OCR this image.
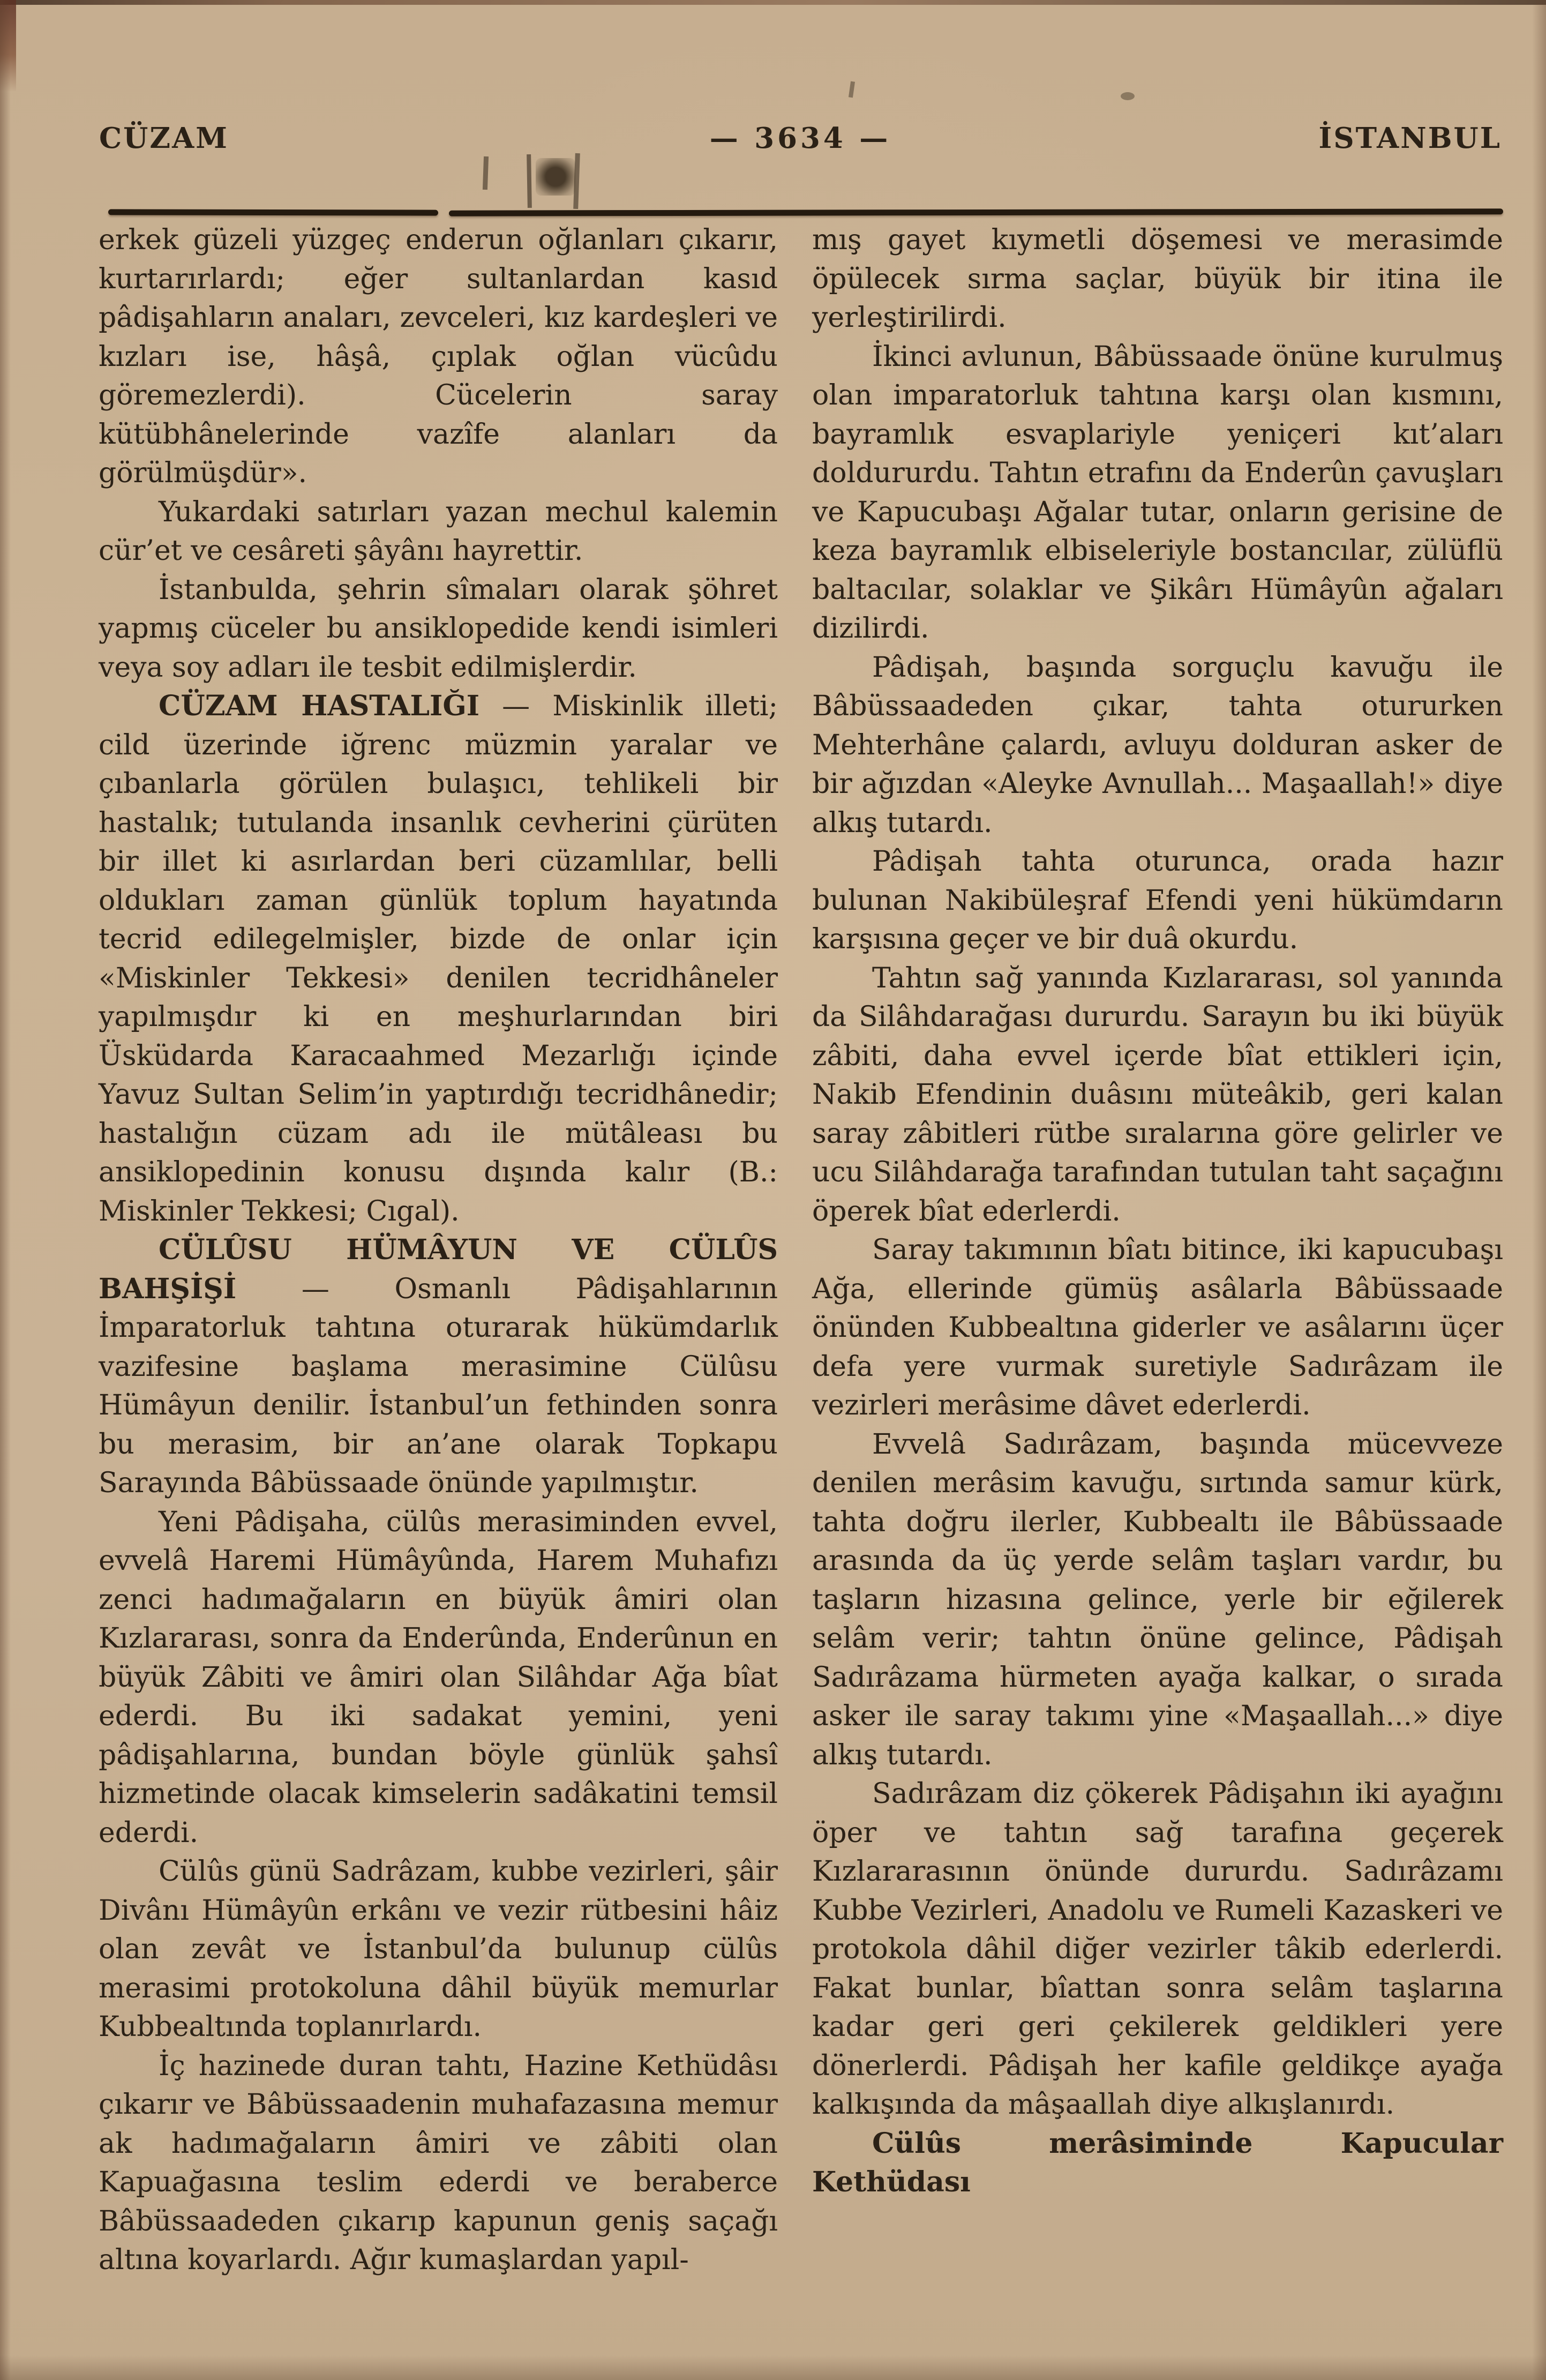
CÜZAM	— 3634 —	İSTANBUL

erkek güzeli yüzgeç enderun oğlanları çıkarır, kurtarırlardı; eğer sultanlardan kasıd pâdişahların anaları, zevceleri, kız kardeşleri ve kızları ise, hâşâ, çıplak oğlan vücûdu göremezlerdi). Cücelerin saray kütübhânelerinde vazîfe alanları da görülmüşdür».

Yukardaki satırları yazan mechul kalemin cür’et ve cesâreti şâyânı hayrettir.

İstanbulda, şehrin sîmaları olarak şöhret yapmış cüceler bu ansiklopedide kendi isimleri veya soy adları ile tesbit edilmişlerdir.

CÜZAM HASTALIĞI — Miskinlik illeti; cild üzerinde iğrenc müzmin yaralar ve çıbanlarla görülen bulaşıcı, tehlikeli bir hastalık; tutulanda insanlık cevherini çürüten bir illet ki asırlardan beri cüzamlılar, belli oldukları zaman günlük toplum hayatında tecrid edilegelmişler, bizde de onlar için «Miskinler Tekkesi» denilen tecridhâneler yapılmışdır ki en meşhurlarından biri Üsküdarda Karacaahmed Mezarlığı içinde Yavuz Sultan Selim’in yaptırdığı tecridhânedir; hastalığın cüzam adı ile mütâleası bu ansiklopedinin konusu dışında kalır (B.: Miskinler Tekkesi; Cıgal).

CÜLÛSU HÜMÂYUN VE CÜLÛS BAHŞİŞİ — Osmanlı Pâdişahlarının İmparatorluk tahtına oturarak hükümdarlık vazifesine başlama merasimine Cülûsu Hümâyun denilir. İstanbul’un fethinden sonra bu merasim, bir an’ane olarak Topkapu Sarayında Bâbüssaade önünde yapılmıştır.

Yeni Pâdişaha, cülûs merasiminden evvel, evvelâ Haremi Hümâyûnda, Harem Muhafızı zenci hadımağaların en büyük âmiri olan Kızlararası, sonra da Enderûnda, Enderûnun en büyük Zâbiti ve âmiri olan Silâhdar Ağa bîat ederdi. Bu iki sadakat yemini, yeni pâdişahlarına, bundan böyle günlük şahsî hizmetinde olacak kimselerin sadâkatini temsil ederdi.

Cülûs günü Sadrâzam, kubbe vezirleri, şâir Divânı Hümâyûn erkânı ve vezir rütbesini hâiz olan zevât ve İstanbul’da bulunup cülûs merasimi protokoluna dâhil büyük memurlar Kubbealtında toplanırlardı.

İç hazinede duran tahtı, Hazine Kethüdâsı çıkarır ve Bâbüssaadenin muhafazasına memur ak hadımağaların âmiri ve zâbiti olan Kapuağasına teslim ederdi ve beraberce Bâbüssaadeden çıkarıp kapunun geniş saçağı altına koyarlardı. Ağır kumaşlardan yapıl-

mış gayet kıymetli döşemesi ve merasimde öpülecek sırma saçlar, büyük bir itina ile yerleştirilirdi.

İkinci avlunun, Bâbüssaade önüne kurulmuş olan imparatorluk tahtına karşı olan kısmını, bayramlık esvaplariyle yeniçeri kıt’aları doldururdu. Tahtın etrafını da Enderûn çavuşları ve Kapucubaşı Ağalar tutar, onların gerisine de keza bayramlık elbiseleriyle bostancılar, zülüflü baltacılar, solaklar ve Şikârı Hümâyûn ağaları dizilirdi.

Pâdişah, başında sorguçlu kavuğu ile Bâbüssaadeden çıkar, tahta otururken Mehterhâne çalardı, avluyu dolduran asker de bir ağızdan «Aleyke Avnullah... Maşaallah!» diye alkış tutardı.

Pâdişah tahta oturunca, orada hazır bulunan Nakibüleşraf Efendi yeni hükümdarın karşısına geçer ve bir duâ okurdu.

Tahtın sağ yanında Kızlararası, sol yanında da Silâhdarağası dururdu. Sarayın bu iki büyük zâbiti, daha evvel içerde bîat ettikleri için, Nakib Efendinin duâsını müteâkib, geri kalan saray zâbitleri rütbe sıralarına göre gelirler ve ucu Silâhdarağa tarafından tutulan taht saçağını öperek bîat ederlerdi.

Saray takımının bîatı bitince, iki kapucubaşı Ağa, ellerinde gümüş asâlarla Bâbüssaade önünden Kubbealtına giderler ve asâlarını üçer defa yere vurmak suretiyle Sadırâzam ile vezirleri merâsime dâvet ederlerdi.

Evvelâ Sadırâzam, başında mücevveze denilen merâsim kavuğu, sırtında samur kürk, tahta doğru ilerler, Kubbealtı ile Bâbüssaade arasında da üç yerde selâm taşları vardır, bu taşların hizasına gelince, yerle bir eğilerek selâm verir; tahtın önüne gelince, Pâdişah Sadırâzama hürmeten ayağa kalkar, o sırada asker ile saray takımı yine «Maşaallah...» diye alkış tutardı.

Sadırâzam diz çökerek Pâdişahın iki ayağını öper ve tahtın sağ tarafına geçerek Kızlararasının önünde dururdu. Sadırâzamı Kubbe Vezirleri, Anadolu ve Rumeli Kazaskeri ve protokola dâhil diğer vezirler tâkib ederlerdi. Fakat bunlar, bîattan sonra selâm taşlarına kadar geri geri çekilerek geldikleri yere dönerlerdi. Pâdişah her kafile geldikçe ayağa kalkışında da mâşaallah diye alkışlanırdı.

Cülûs merâsiminde Kapucular Kethüdası
